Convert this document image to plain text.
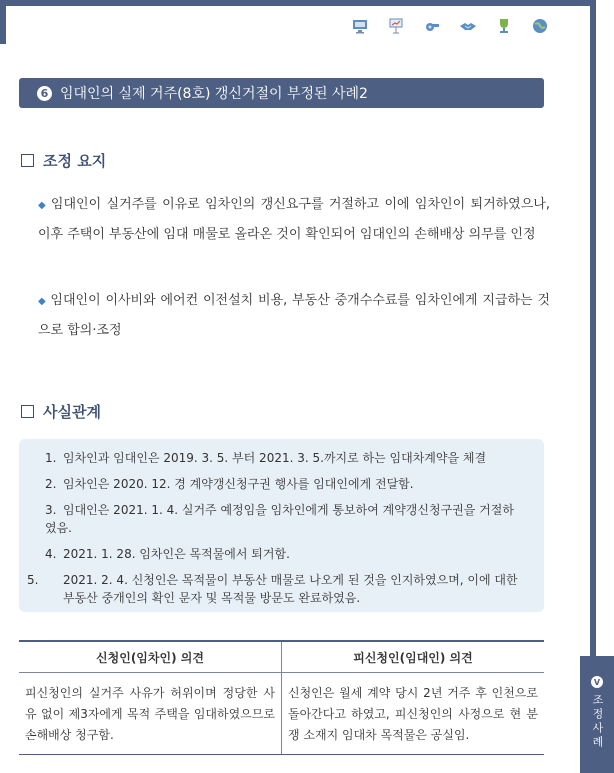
6 임대인의 실제 거주(8호) 갱신거절이 부정된 사례2
조정 요지
◆ 임대인이 실거주를 이유로 임차인의 갱신요구를 거절하고 이에 임차인이 퇴거하였으나, 이후 주택이 부동산에 임대 매물로 올라온 것이 확인되어 임대인의 손해배상 의무를 인정
◆ 임대인이 이사비와 에어컨 이전설치 비용, 부동산 중개수수료를 임차인에게 지급하는 것으로 합의·조정
사실관계
1. 임차인과 임대인은 2019. 3. 5. 부터 2021. 3. 5.까지로 하는 임대차계약을 체결
2. 임차인은 2020. 12. 경 계약갱신청구권 행사를 임대인에게 전달함.
3. 임대인은 2021. 1. 4. 실거주 예정임을 임차인에게 통보하여 계약갱신청구권을 거절하였음.
4. 2021. 1. 28. 임차인은 목적물에서 퇴거함.
5. 2021. 2. 4. 신청인은 목적물이 부동산 매물로 나오게 된 것을 인지하였으며, 이에 대한 부동산 중개인의 확인 문자 및 목적물 방문도 완료하였음.
신청인(임차인) 의견	피신청인(임대인) 의견
피신청인의 실거주 사유가 허위이며 정당한 사유 없이 제3자에게 목적 주택을 임대하였으므로 손해배상 청구함.	신청인은 월세 계약 당시 2년 거주 후 인천으로 돌아간다고 하였고, 피신청인의 사정으로 현 분쟁 소재지 임대차 목적물은 공실임.
V
조정사례
